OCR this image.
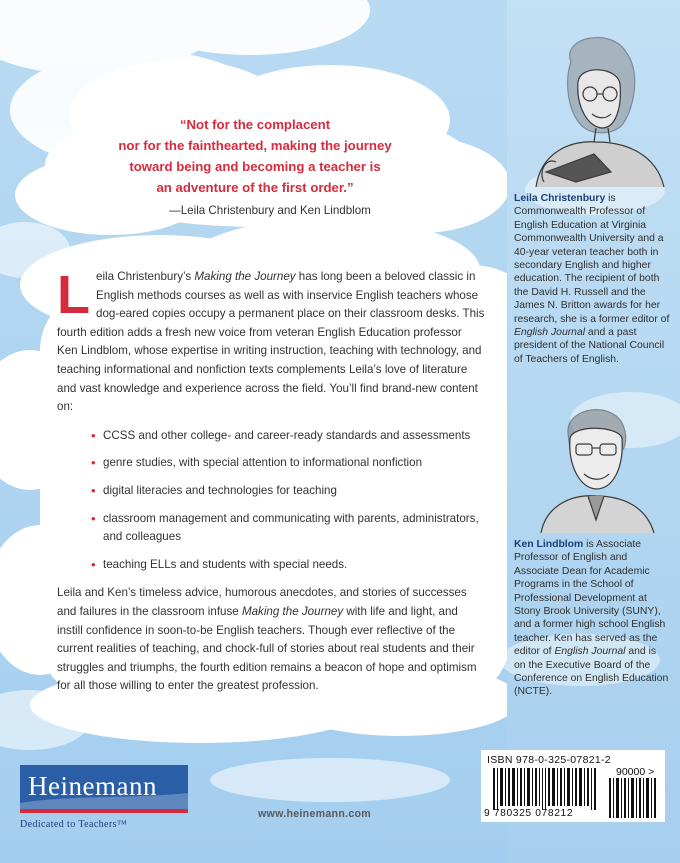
“Not for the complacent

nor for the fainthearted, making the journey

toward being and becoming a teacher is

an adventure of the first order.”

—Leila Christenbury and Ken Lindblom

Leila Christenbury’s Making the Journey has long been a beloved classic in English methods courses as well as with inservice English teachers whose dog-eared copies occupy a permanent place on their classroom desks. This fourth edition adds a fresh new voice from veteran English Education professor Ken Lindblom, whose expertise in writing instruction, teaching with technology, and teaching informational and nonfiction texts complements Leila’s love of literature and vast knowledge and experience across the field. You’ll find brand-new content on:

• CCSS and other college- and career-ready standards and assessments
• genre studies, with special attention to informational nonfiction
• digital literacies and technologies for teaching
• classroom management and communicating with parents, administrators, and colleagues
• teaching ELLs and students with special needs.

Leila and Ken’s timeless advice, humorous anecdotes, and stories of successes and failures in the classroom infuse Making the Journey with life and light, and instill confidence in soon-to-be English teachers. Though ever reflective of the current realities of teaching, and chock-full of stories about real students and their struggles and triumphs, the fourth edition remains a beacon of hope and optimism for all those willing to enter the greatest profession.

Leila Christenbury is Commonwealth Professor of English Education at Virginia Commonwealth University and a 40-year veteran teacher both in secondary English and higher education. The recipient of both the David H. Russell and the James N. Britton awards for her research, she is a former editor of English Journal and a past president of the National Council of Teachers of English.
Ken Lindblom is Associate Professor of English and Associate Dean for Academic Programs in the School of Professional Development at Stony Brook University (SUNY), and a former high school English teacher. Ken has served as the editor of English Journal and is on the Executive Board of the Conference on English Education (NCTE).
Heinemann
Dedicated to Teachers™
www.heinemann.com
ISBN 978-0-325-07821-2
90000 >
9 780325 078212
